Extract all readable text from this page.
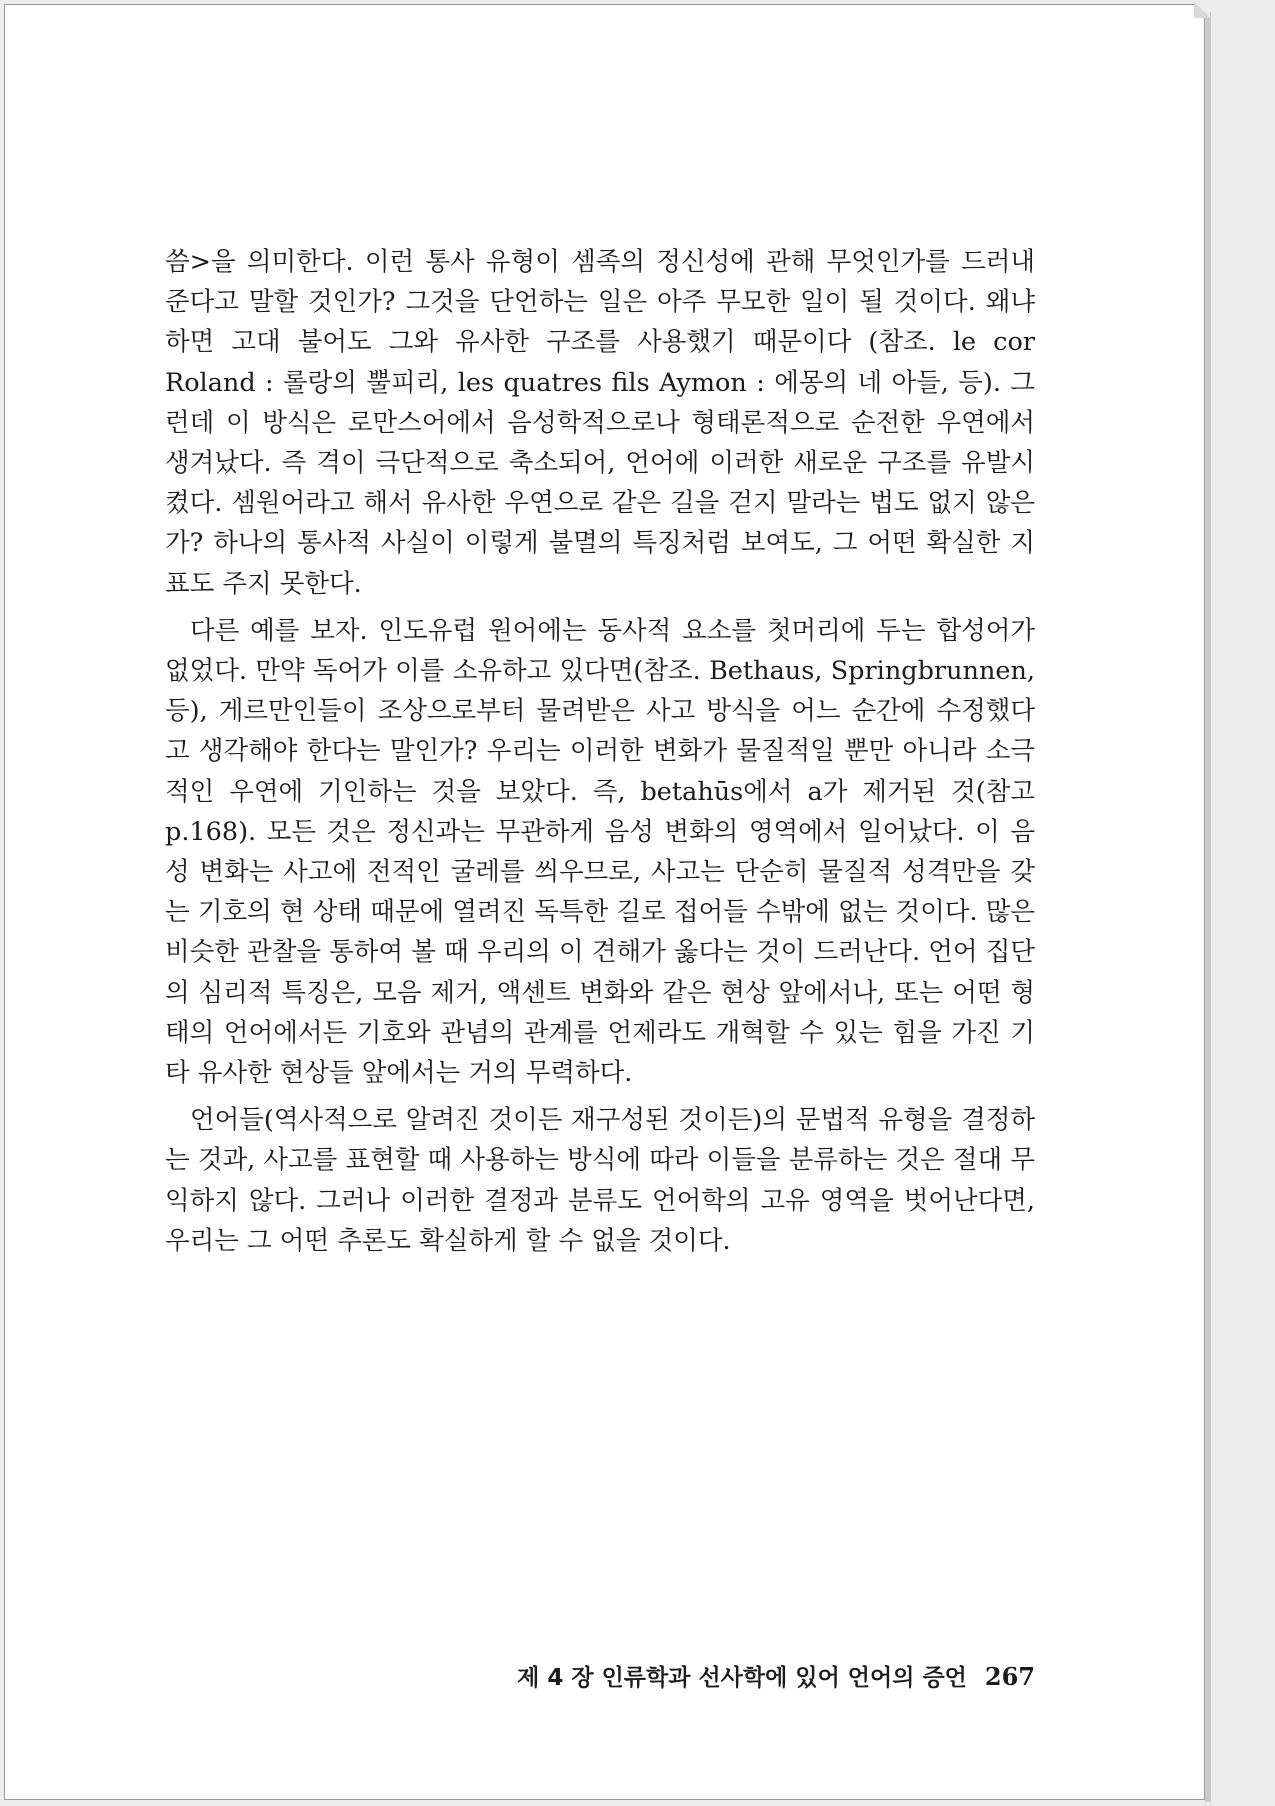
씀>을 의미한다. 이런 통사 유형이 셈족의 정신성에 관해 무엇인가를 드러내 준다고 말할 것인가? 그것을 단언하는 일은 아주 무모한 일이 될 것이다. 왜냐하면 고대 불어도 그와 유사한 구조를 사용했기 때문이다 (참조. le cor Roland : 롤랑의 뿔피리, les quatres fils Aymon : 에몽의 네 아들, 등). 그런데 이 방식은 로만스어에서 음성학적으로나 형태론적으로 순전한 우연에서 생겨났다. 즉 격이 극단적으로 축소되어, 언어에 이러한 새로운 구조를 유발시켰다. 셈원어라고 해서 유사한 우연으로 같은 길을 걷지 말라는 법도 없지 않은가? 하나의 통사적 사실이 이렇게 불멸의 특징처럼 보여도, 그 어떤 확실한 지표도 주지 못한다.

다른 예를 보자. 인도유럽 원어에는 동사적 요소를 첫머리에 두는 합성어가 없었다. 만약 독어가 이를 소유하고 있다면(참조. Bethaus, Springbrunnen, 등), 게르만인들이 조상으로부터 물려받은 사고 방식을 어느 순간에 수정했다고 생각해야 한다는 말인가? 우리는 이러한 변화가 물질적일 뿐만 아니라 소극적인 우연에 기인하는 것을 보았다. 즉, betahūs에서 a가 제거된 것(참고 p.168). 모든 것은 정신과는 무관하게 음성 변화의 영역에서 일어났다. 이 음성 변화는 사고에 전적인 굴레를 씌우므로, 사고는 단순히 물질적 성격만을 갖는 기호의 현 상태 때문에 열려진 독특한 길로 접어들 수밖에 없는 것이다. 많은 비슷한 관찰을 통하여 볼 때 우리의 이 견해가 옳다는 것이 드러난다. 언어 집단의 심리적 특징은, 모음 제거, 액센트 변화와 같은 현상 앞에서나, 또는 어떤 형태의 언어에서든 기호와 관념의 관계를 언제라도 개혁할 수 있는 힘을 가진 기타 유사한 현상들 앞에서는 거의 무력하다.

언어들(역사적으로 알려진 것이든 재구성된 것이든)의 문법적 유형을 결정하는 것과, 사고를 표현할 때 사용하는 방식에 따라 이들을 분류하는 것은 절대 무익하지 않다. 그러나 이러한 결정과 분류도 언어학의 고유 영역을 벗어난다면, 우리는 그 어떤 추론도 확실하게 할 수 없을 것이다.

제 4 장 인류학과 선사학에 있어 언어의 증언 267
